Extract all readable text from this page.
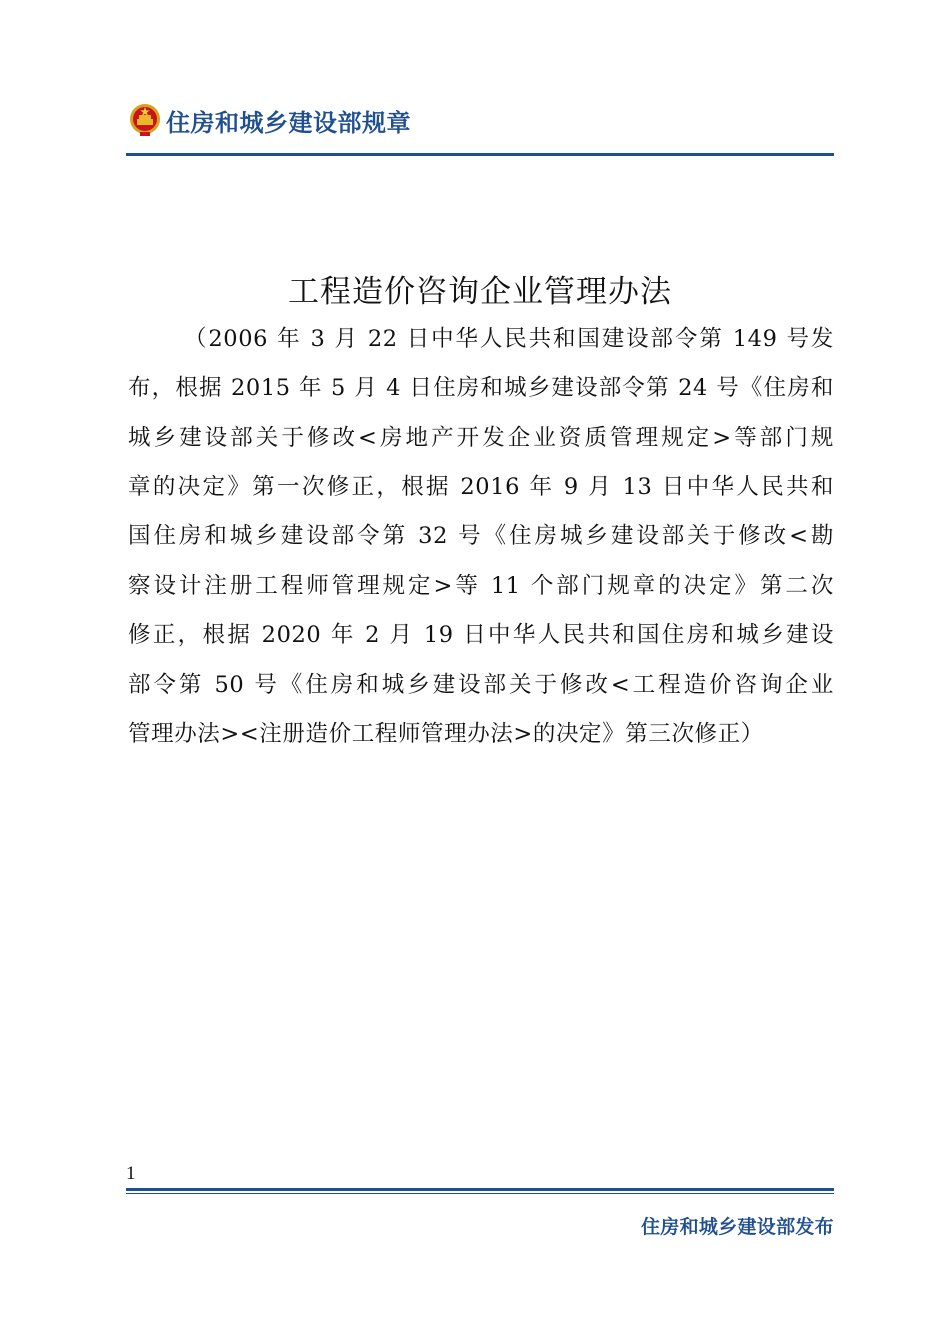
住房和城乡建设部规章
工程造价咨询企业管理办法
（2006 年 3 月 22 日中华人民共和国建设部令第 149 号发
布，根据 2015 年 5 月 4 日住房和城乡建设部令第 24 号《住房和
城乡建设部关于修改<房地产开发企业资质管理规定>等部门规
章的决定》第一次修正，根据 2016 年 9 月 13 日中华人民共和
国住房和城乡建设部令第 32 号《住房城乡建设部关于修改<勘
察设计注册工程师管理规定>等 11 个部门规章的决定》第二次
修正，根据 2020 年 2 月 19 日中华人民共和国住房和城乡建设
部令第 50 号《住房和城乡建设部关于修改<工程造价咨询企业
管理办法><注册造价工程师管理办法>的决定》第三次修正）
1
住房和城乡建设部发布
